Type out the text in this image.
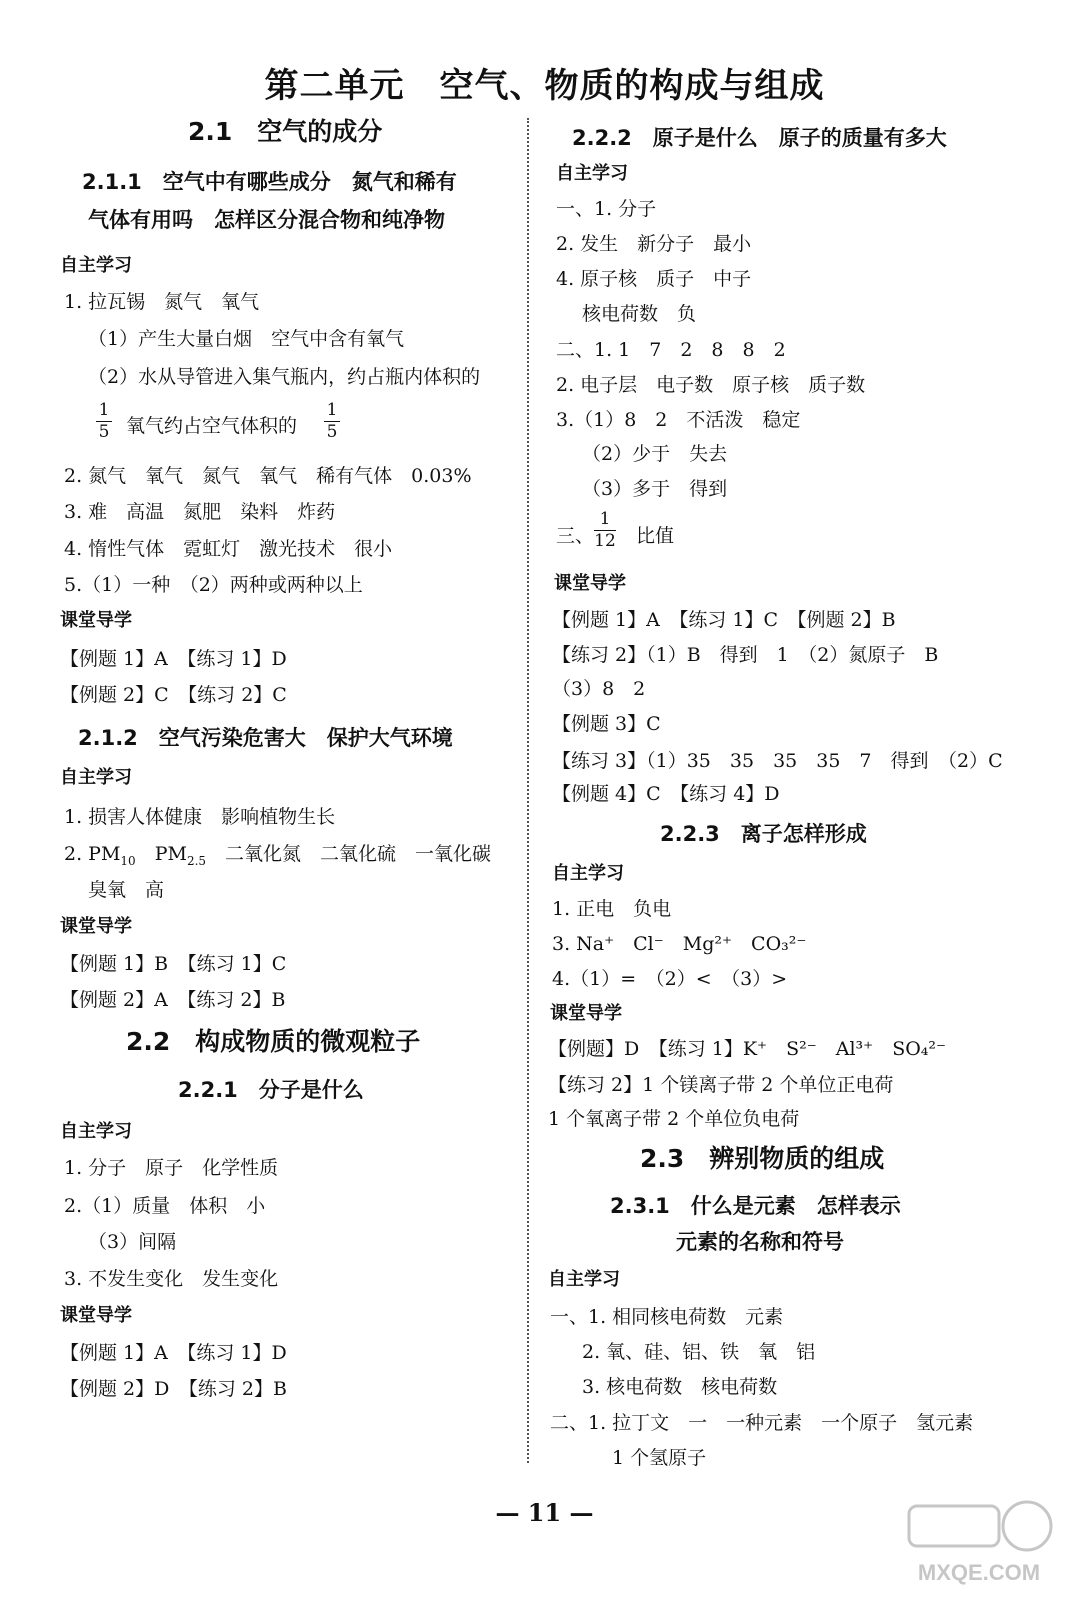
第二单元　空气、物质的构成与组成
2.1　空气的成分
2.1.1　空气中有哪些成分　氮气和稀有
气体有用吗　怎样区分混合物和纯净物
自主学习
1. 拉瓦锡　氮气　氧气
（1）产生大量白烟　空气中含有氧气
（2）水从导管进入集气瓶内，约占瓶内体积的
1
5 氧气约占空气体积的
1
5
2. 氮气　氧气　氮气　氧气　稀有气体　0.03%
3. 难　高温　氮肥　染料　炸药
4. 惰性气体　霓虹灯　激光技术　很小
5.（1）一种　（2）两种或两种以上
课堂导学
【例题 1】A　【练习 1】D
【例题 2】C　【练习 2】C
2.1.2　空气污染危害大　保护大气环境
自主学习
1. 损害人体健康　影响植物生长
2. $PM_{10}$　$PM_{2.5}$　二氧化氮　二氧化硫　一氧化碳
臭氧　高
课堂导学
【例题 1】B　【练习 1】C
【例题 2】A　【练习 2】B
2.2　构成物质的微观粒子
2.2.1　分子是什么
自主学习
1. 分子　原子　化学性质
2.（1）质量　体积　小
（3）间隔
3. 不发生变化　发生变化
课堂导学
【例题 1】A　【练习 1】D
【例题 2】D　【练习 2】B
2.2.2　原子是什么　原子的质量有多大
自主学习
一、1. 分子
2. 发生　新分子　最小
4. 原子核　质子　中子
核电荷数　负
二、1. 1　7　2　8　8　2
2. 电子层　电子数　原子核　质子数
3.（1）8　2　不活泼　稳定
（2）少于　失去
（3）多于　得到
三、
1
12 比值
课堂导学
【例题 1】A　【练习 1】C　【例题 2】B
【练习 2】（1）B　得到　1　（2）氮原子　B
（3）8　2
【例题 3】C
【练习 3】（1）35　35　35　35　7　得到　（2）C
【例题 4】C　【练习 4】D
2.2.3　离子怎样形成
自主学习
1. 正电　负电
3. Na⁺　Cl⁻　Mg²⁺　CO₃²⁻
4.（1）=　（2）<　（3）>
课堂导学
【例题】D　【练习 1】K⁺　S²⁻　Al³⁺　SO₄²⁻
【练习 2】1 个镁离子带 2 个单位正电荷
1 个氧离子带 2 个单位负电荷
2.3　辨别物质的组成
2.3.1　什么是元素　怎样表示
元素的名称和符号
自主学习
一、1. 相同核电荷数　元素
2. 氧、硅、铝、铁　氧　铝
3. 核电荷数　核电荷数
二、1. 拉丁文　一　一种元素　一个原子　氢元素
1 个氢原子
— 11 —
MXQE.COM
